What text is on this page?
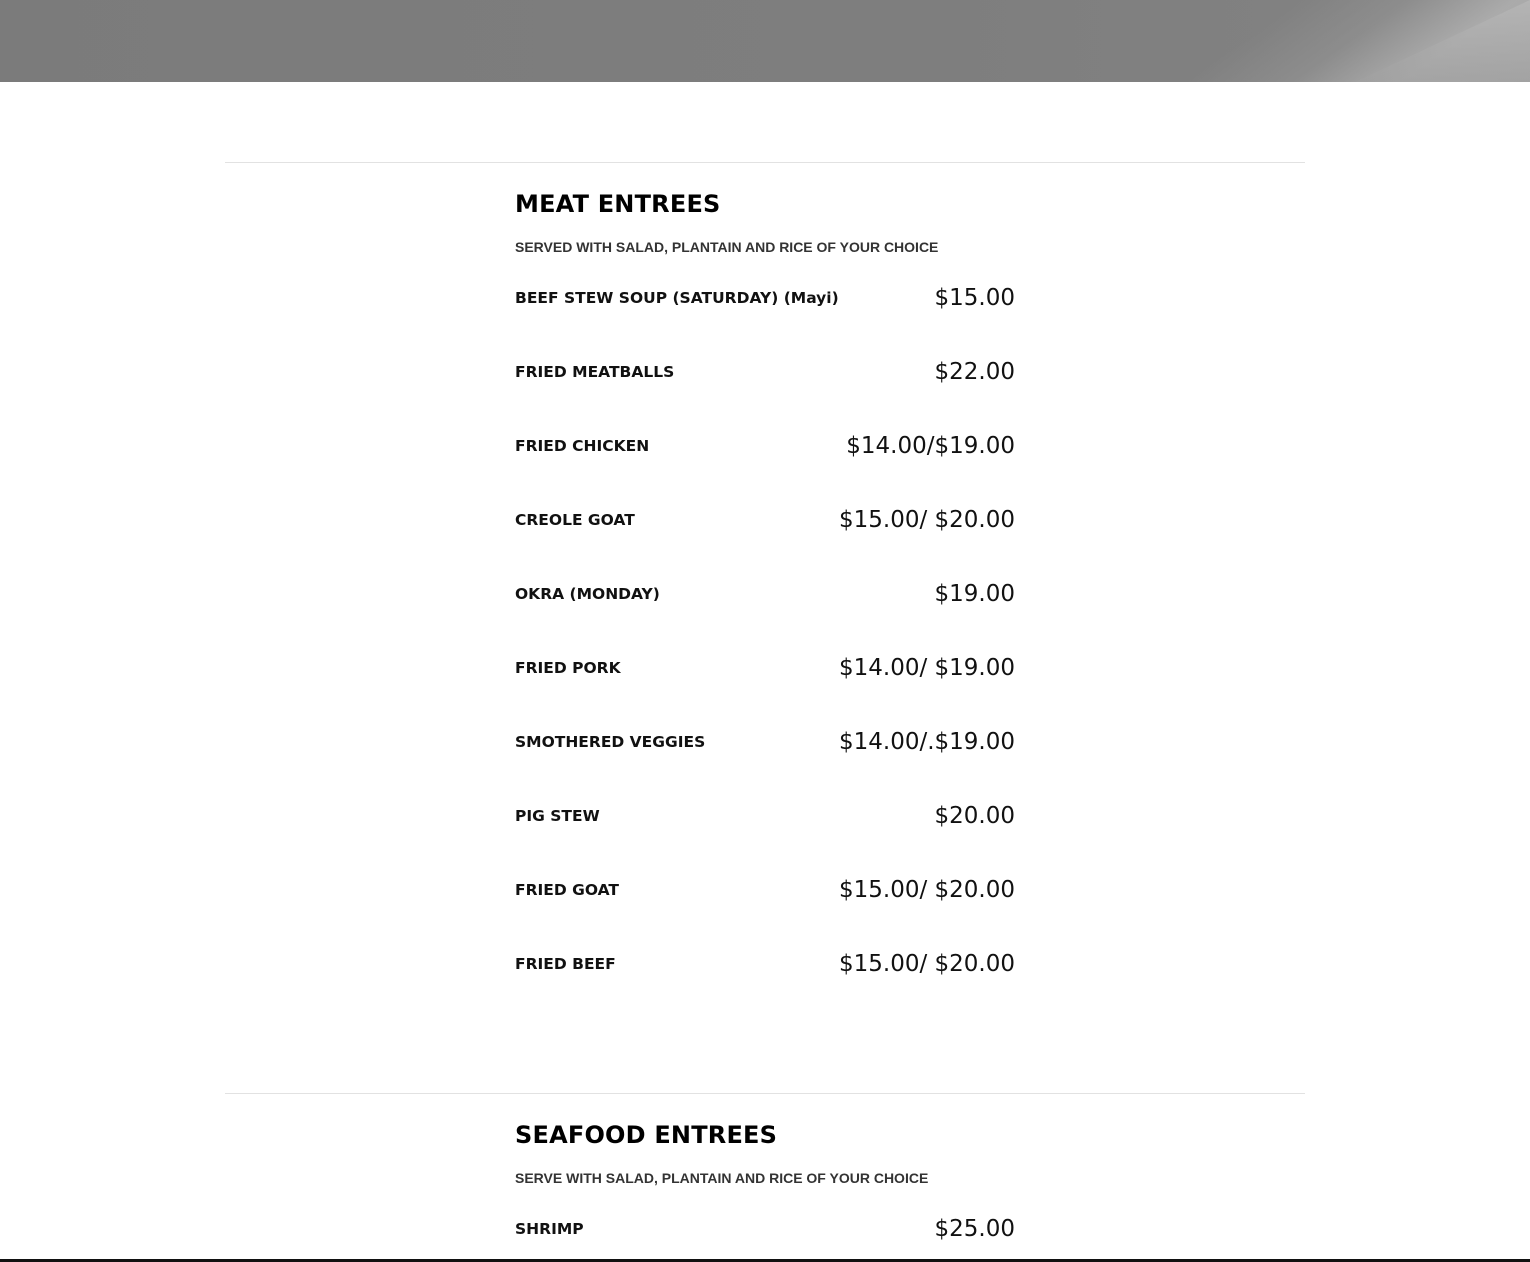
MEAT ENTREES

SERVED WITH SALAD, PLANTAIN AND RICE OF YOUR CHOICE

BEEF STEW SOUP (SATURDAY) (Mayi)	$15.00
FRIED MEATBALLS	$22.00
FRIED CHICKEN	$14.00/$19.00
CREOLE GOAT	$15.00/ $20.00
OKRA (MONDAY)	$19.00
FRIED PORK	$14.00/ $19.00
SMOTHERED VEGGIES	$14.00/.$19.00
PIG STEW	$20.00
FRIED GOAT	$15.00/ $20.00
FRIED BEEF	$15.00/ $20.00
SEAFOOD ENTREES

SERVE WITH SALAD, PLANTAIN AND RICE OF YOUR CHOICE

SHRIMP	$25.00
